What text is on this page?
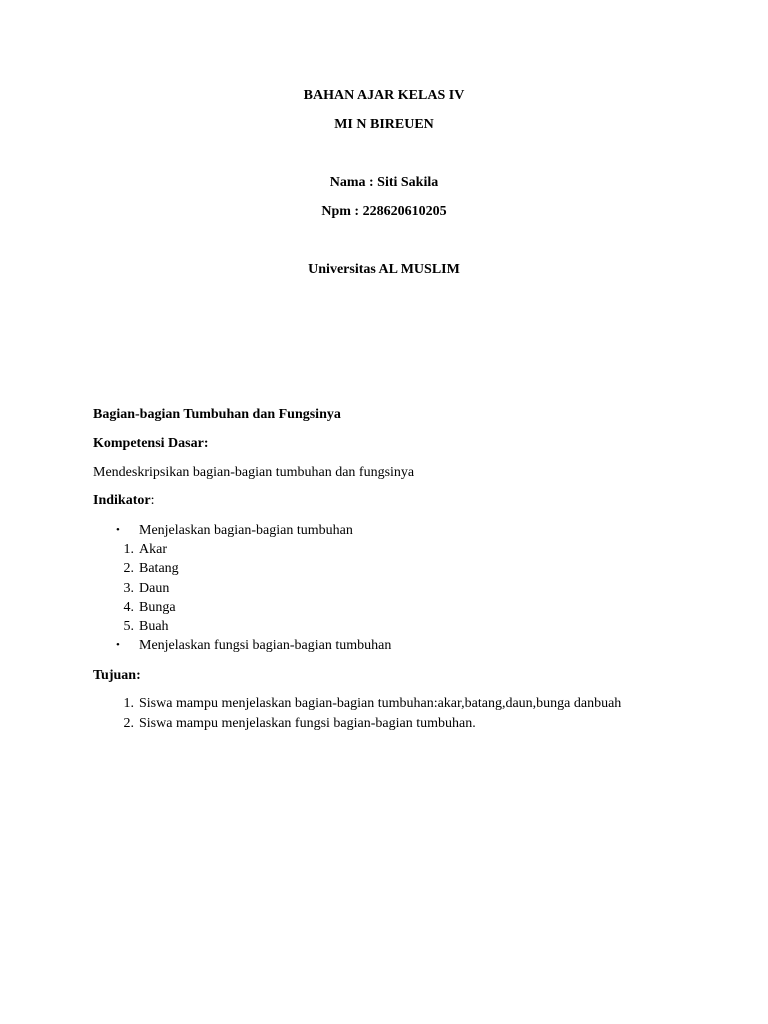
BAHAN AJAR KELAS IV
MI N BIREUEN
Nama : Siti Sakila
Npm : 228620610205
Universitas AL MUSLIM
Bagian-bagian Tumbuhan dan Fungsinya
Kompetensi Dasar:
Mendeskripsikan bagian-bagian tumbuhan dan fungsinya
Indikator:
• Menjelaskan bagian-bagian tumbuhan
1. Akar
2. Batang
3. Daun
4. Bunga
5. Buah
• Menjelaskan fungsi bagian-bagian tumbuhan
Tujuan:
1. Siswa mampu menjelaskan bagian-bagian tumbuhan:akar,batang,daun,bunga danbuah
2. Siswa mampu menjelaskan fungsi bagian-bagian tumbuhan.
